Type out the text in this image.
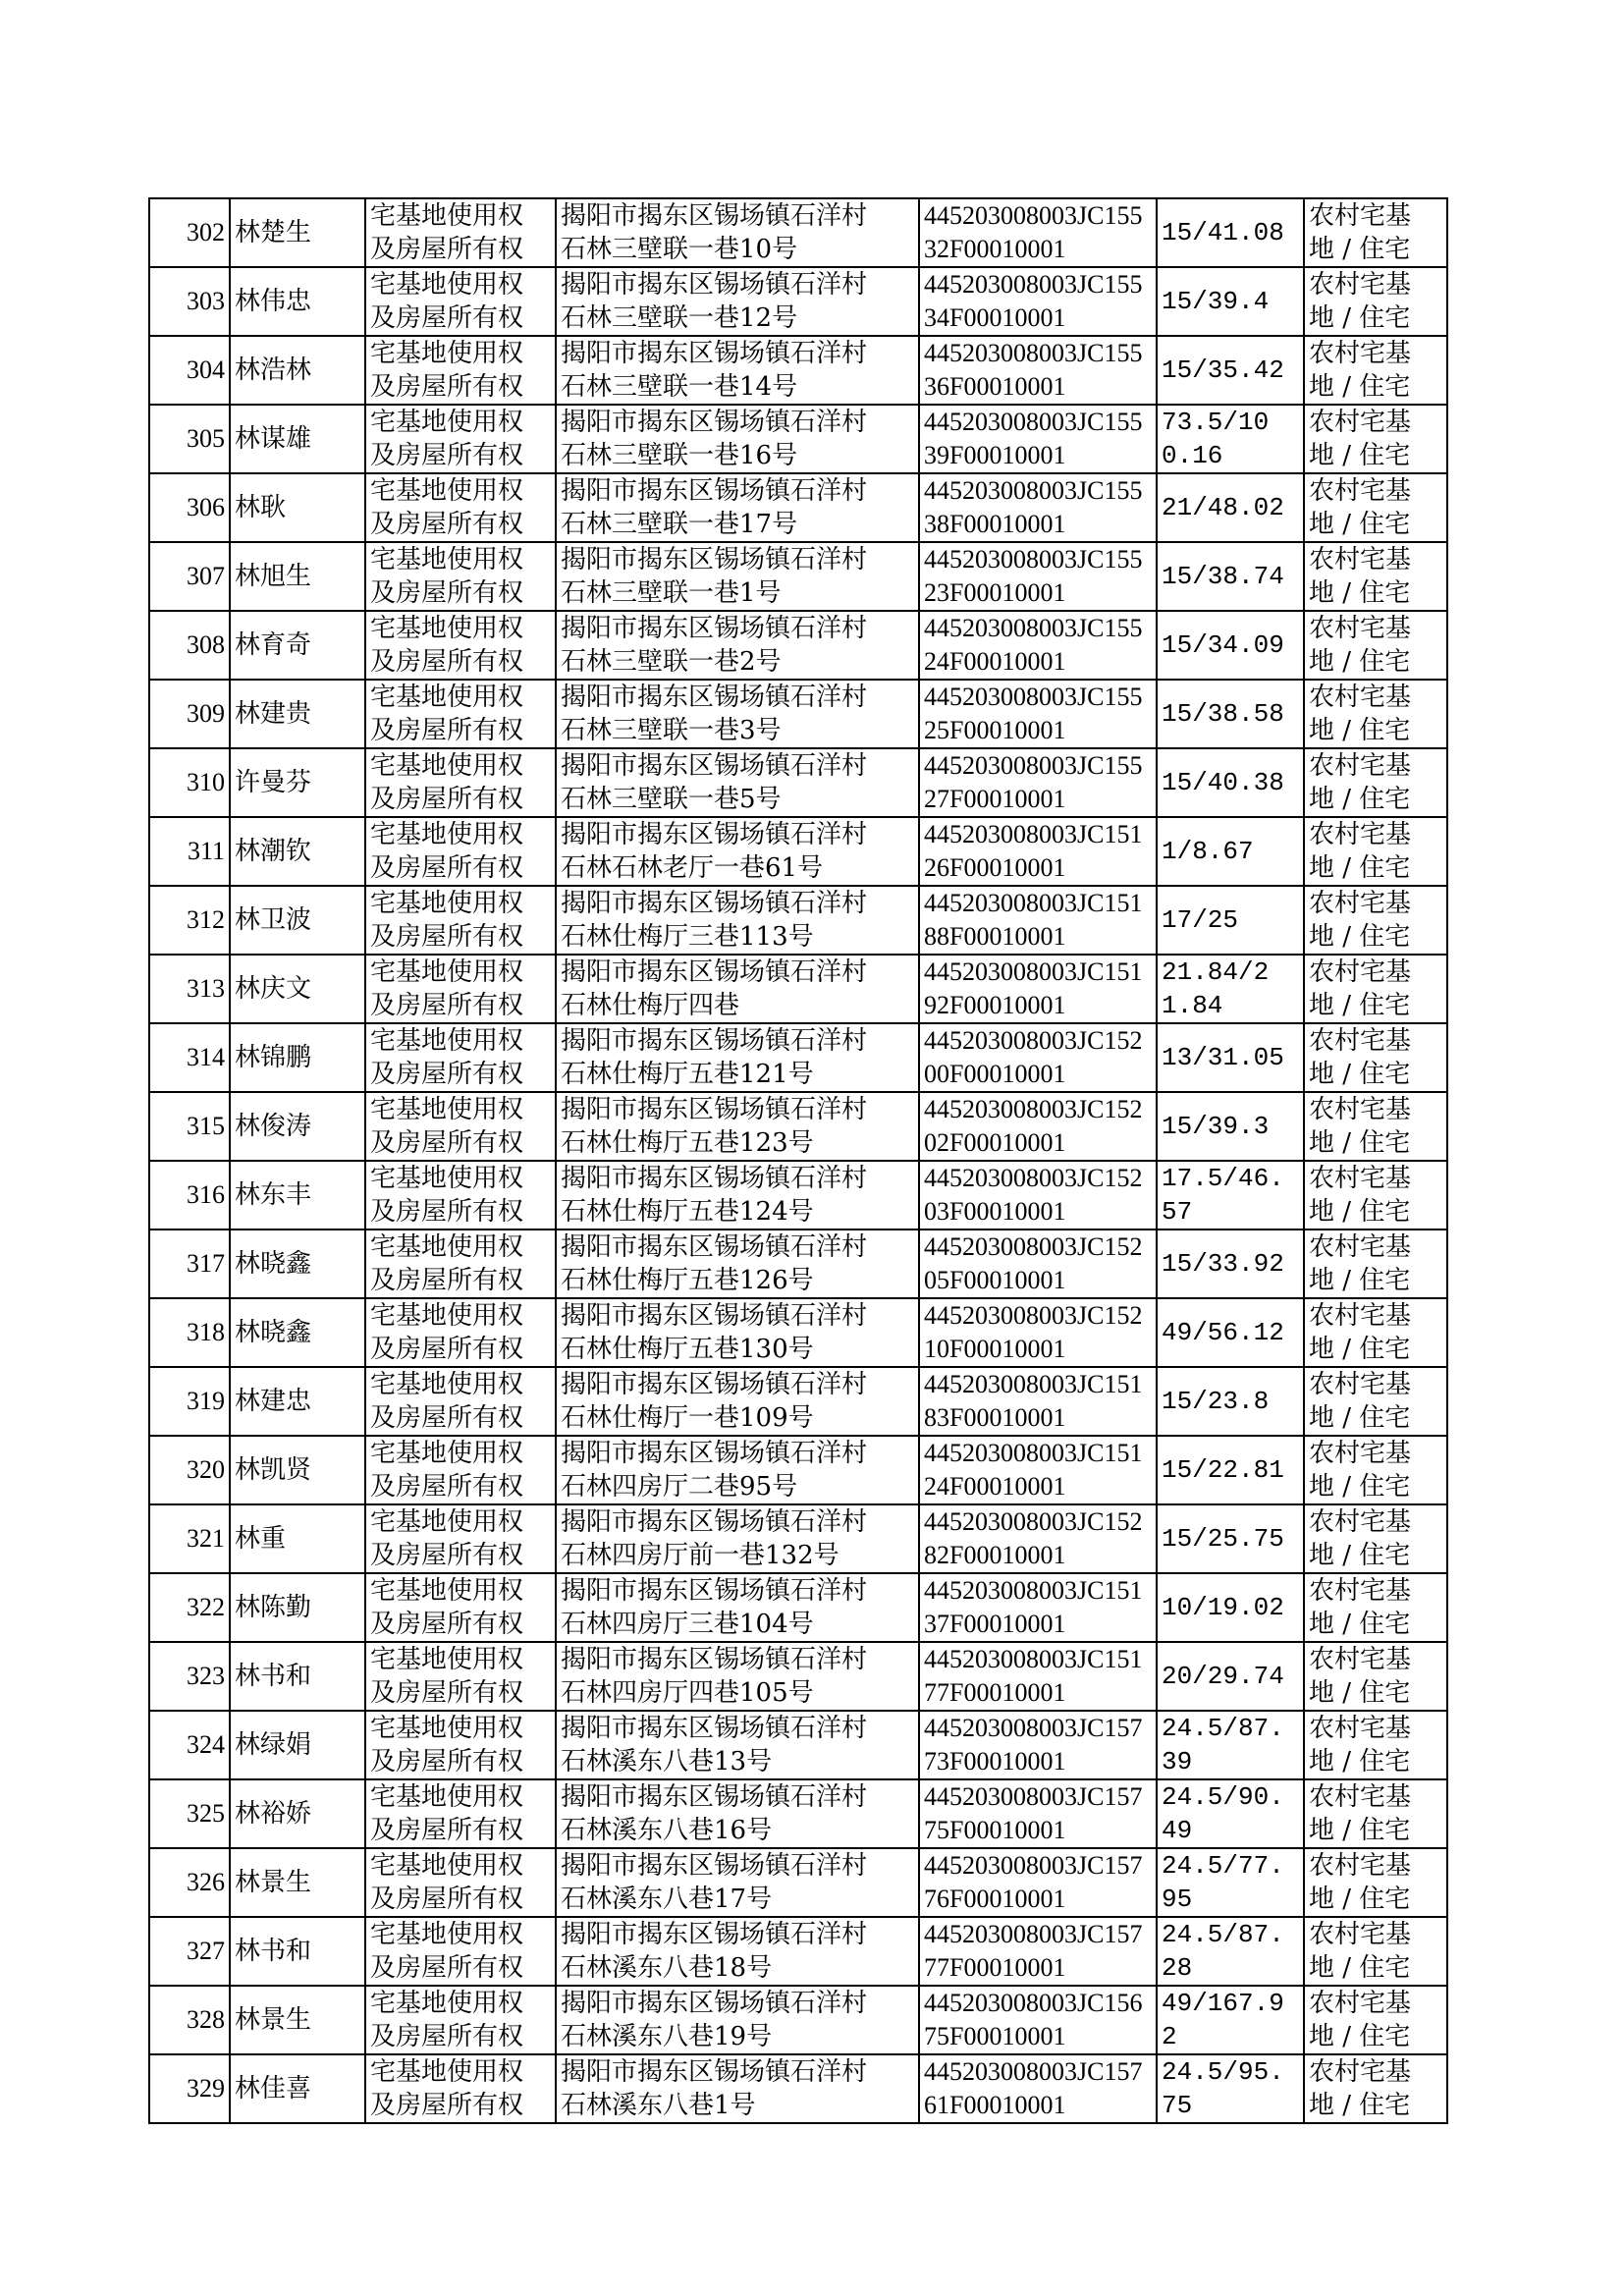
302	林楚生	宅基地使用权
及房屋所有权	揭阳市揭东区锡场镇石洋村
石林三壁联一巷10号	445203008003JC15532F00010001	15/41.08	农村宅基
地 / 住宅
303	林伟忠	宅基地使用权
及房屋所有权	揭阳市揭东区锡场镇石洋村
石林三壁联一巷12号	445203008003JC15534F00010001	15/39.4	农村宅基
地 / 住宅
304	林浩林	宅基地使用权
及房屋所有权	揭阳市揭东区锡场镇石洋村
石林三壁联一巷14号	445203008003JC15536F00010001	15/35.42	农村宅基
地 / 住宅
305	林谋雄	宅基地使用权
及房屋所有权	揭阳市揭东区锡场镇石洋村
石林三壁联一巷16号	445203008003JC15539F00010001	73.5/100.16	农村宅基
地 / 住宅
306	林耿	宅基地使用权
及房屋所有权	揭阳市揭东区锡场镇石洋村
石林三壁联一巷17号	445203008003JC15538F00010001	21/48.02	农村宅基
地 / 住宅
307	林旭生	宅基地使用权
及房屋所有权	揭阳市揭东区锡场镇石洋村
石林三壁联一巷1号	445203008003JC15523F00010001	15/38.74	农村宅基
地 / 住宅
308	林育奇	宅基地使用权
及房屋所有权	揭阳市揭东区锡场镇石洋村
石林三壁联一巷2号	445203008003JC15524F00010001	15/34.09	农村宅基
地 / 住宅
309	林建贵	宅基地使用权
及房屋所有权	揭阳市揭东区锡场镇石洋村
石林三壁联一巷3号	445203008003JC15525F00010001	15/38.58	农村宅基
地 / 住宅
310	许曼芬	宅基地使用权
及房屋所有权	揭阳市揭东区锡场镇石洋村
石林三壁联一巷5号	445203008003JC15527F00010001	15/40.38	农村宅基
地 / 住宅
311	林潮钦	宅基地使用权
及房屋所有权	揭阳市揭东区锡场镇石洋村
石林石林老厅一巷61号	445203008003JC15126F00010001	1/8.67	农村宅基
地 / 住宅
312	林卫波	宅基地使用权
及房屋所有权	揭阳市揭东区锡场镇石洋村
石林仕梅厅三巷113号	445203008003JC15188F00010001	17/25	农村宅基
地 / 住宅
313	林庆文	宅基地使用权
及房屋所有权	揭阳市揭东区锡场镇石洋村
石林仕梅厅四巷	445203008003JC15192F00010001	21.84/21.84	农村宅基
地 / 住宅
314	林锦鹏	宅基地使用权
及房屋所有权	揭阳市揭东区锡场镇石洋村
石林仕梅厅五巷121号	445203008003JC15200F00010001	13/31.05	农村宅基
地 / 住宅
315	林俊涛	宅基地使用权
及房屋所有权	揭阳市揭东区锡场镇石洋村
石林仕梅厅五巷123号	445203008003JC15202F00010001	15/39.3	农村宅基
地 / 住宅
316	林东丰	宅基地使用权
及房屋所有权	揭阳市揭东区锡场镇石洋村
石林仕梅厅五巷124号	445203008003JC15203F00010001	17.5/46.57	农村宅基
地 / 住宅
317	林晓鑫	宅基地使用权
及房屋所有权	揭阳市揭东区锡场镇石洋村
石林仕梅厅五巷126号	445203008003JC15205F00010001	15/33.92	农村宅基
地 / 住宅
318	林晓鑫	宅基地使用权
及房屋所有权	揭阳市揭东区锡场镇石洋村
石林仕梅厅五巷130号	445203008003JC15210F00010001	49/56.12	农村宅基
地 / 住宅
319	林建忠	宅基地使用权
及房屋所有权	揭阳市揭东区锡场镇石洋村
石林仕梅厅一巷109号	445203008003JC15183F00010001	15/23.8	农村宅基
地 / 住宅
320	林凯贤	宅基地使用权
及房屋所有权	揭阳市揭东区锡场镇石洋村
石林四房厅二巷95号	445203008003JC15124F00010001	15/22.81	农村宅基
地 / 住宅
321	林重	宅基地使用权
及房屋所有权	揭阳市揭东区锡场镇石洋村
石林四房厅前一巷132号	445203008003JC15282F00010001	15/25.75	农村宅基
地 / 住宅
322	林陈勤	宅基地使用权
及房屋所有权	揭阳市揭东区锡场镇石洋村
石林四房厅三巷104号	445203008003JC15137F00010001	10/19.02	农村宅基
地 / 住宅
323	林书和	宅基地使用权
及房屋所有权	揭阳市揭东区锡场镇石洋村
石林四房厅四巷105号	445203008003JC15177F00010001	20/29.74	农村宅基
地 / 住宅
324	林绿娟	宅基地使用权
及房屋所有权	揭阳市揭东区锡场镇石洋村
石林溪东八巷13号	445203008003JC15773F00010001	24.5/87.39	农村宅基
地 / 住宅
325	林裕娇	宅基地使用权
及房屋所有权	揭阳市揭东区锡场镇石洋村
石林溪东八巷16号	445203008003JC15775F00010001	24.5/90.49	农村宅基
地 / 住宅
326	林景生	宅基地使用权
及房屋所有权	揭阳市揭东区锡场镇石洋村
石林溪东八巷17号	445203008003JC15776F00010001	24.5/77.95	农村宅基
地 / 住宅
327	林书和	宅基地使用权
及房屋所有权	揭阳市揭东区锡场镇石洋村
石林溪东八巷18号	445203008003JC15777F00010001	24.5/87.28	农村宅基
地 / 住宅
328	林景生	宅基地使用权
及房屋所有权	揭阳市揭东区锡场镇石洋村
石林溪东八巷19号	445203008003JC15675F00010001	49/167.92	农村宅基
地 / 住宅
329	林佳喜	宅基地使用权
及房屋所有权	揭阳市揭东区锡场镇石洋村
石林溪东八巷1号	445203008003JC15761F00010001	24.5/95.75	农村宅基
地 / 住宅
